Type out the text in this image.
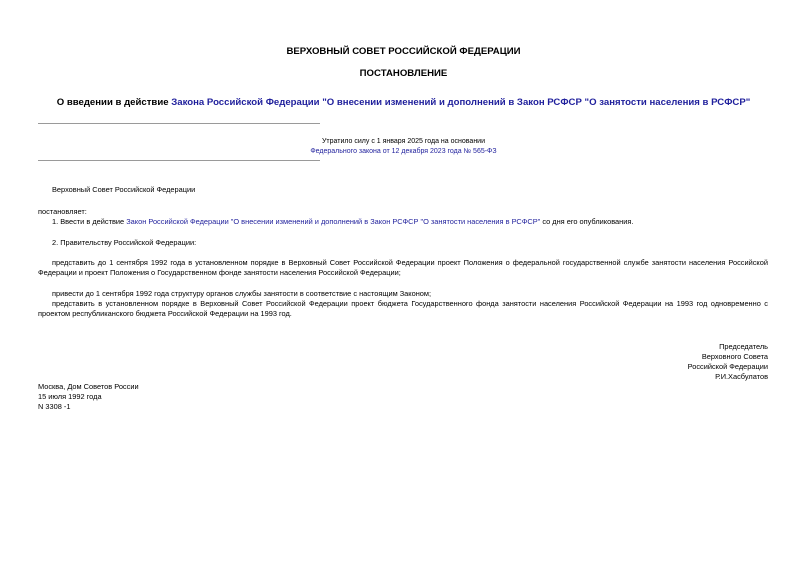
ВЕРХОВНЫЙ СОВЕТ РОССИЙСКОЙ ФЕДЕРАЦИИ
ПОСТАНОВЛЕНИЕ
О введении в действие Закона Российской Федерации "О внесении изменений и дополнений в Закон РСФСР "О занятости населения в РСФСР"
Утратило силу с 1 января 2025 года на основании
Федерального закона от 12 декабря 2023 года № 565-ФЗ
Верховный Совет Российской Федерации
постановляет:
1. Ввести в действие Закон Российской Федерации "О внесении изменений и дополнений в Закон РСФСР "О занятости населения в РСФСР" со дня его опубликования.
2. Правительству Российской Федерации:
представить до 1 сентября 1992 года в установленном порядке в Верховный Совет Российской Федерации проект Положения о федеральной государственной службе занятости населения Российской Федерации и проект Положения о Государственном фонде занятости населения Российской Федерации;
привести до 1 сентября 1992 года структуру органов службы занятости в соответствие с настоящим Законом;
представить в установленном порядке в Верховный Совет Российской Федерации проект бюджета Государственного фонда занятости населения Российской Федерации на 1993 год одновременно с проектом республиканского бюджета Российской Федерации на 1993 год.
Председатель
Верховного Совета
Российской Федерации
Р.И.Хасбулатов
Москва, Дом Советов России
15 июля 1992 года
N 3308 -1
